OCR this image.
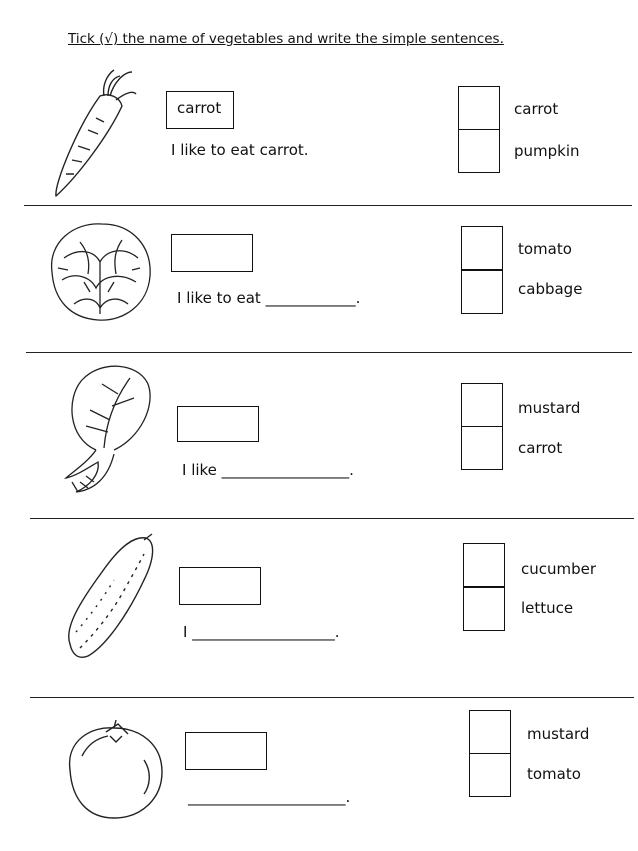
Tick (√) the name of vegetables and write the simple sentences.
carrot
I like to eat carrot.
carrot
pumpkin
I like to eat ____________.
tomato
cabbage
I like _________________.
mustard
carrot
I ___________________.
cucumber
lettuce
_____________________.
mustard
tomato
